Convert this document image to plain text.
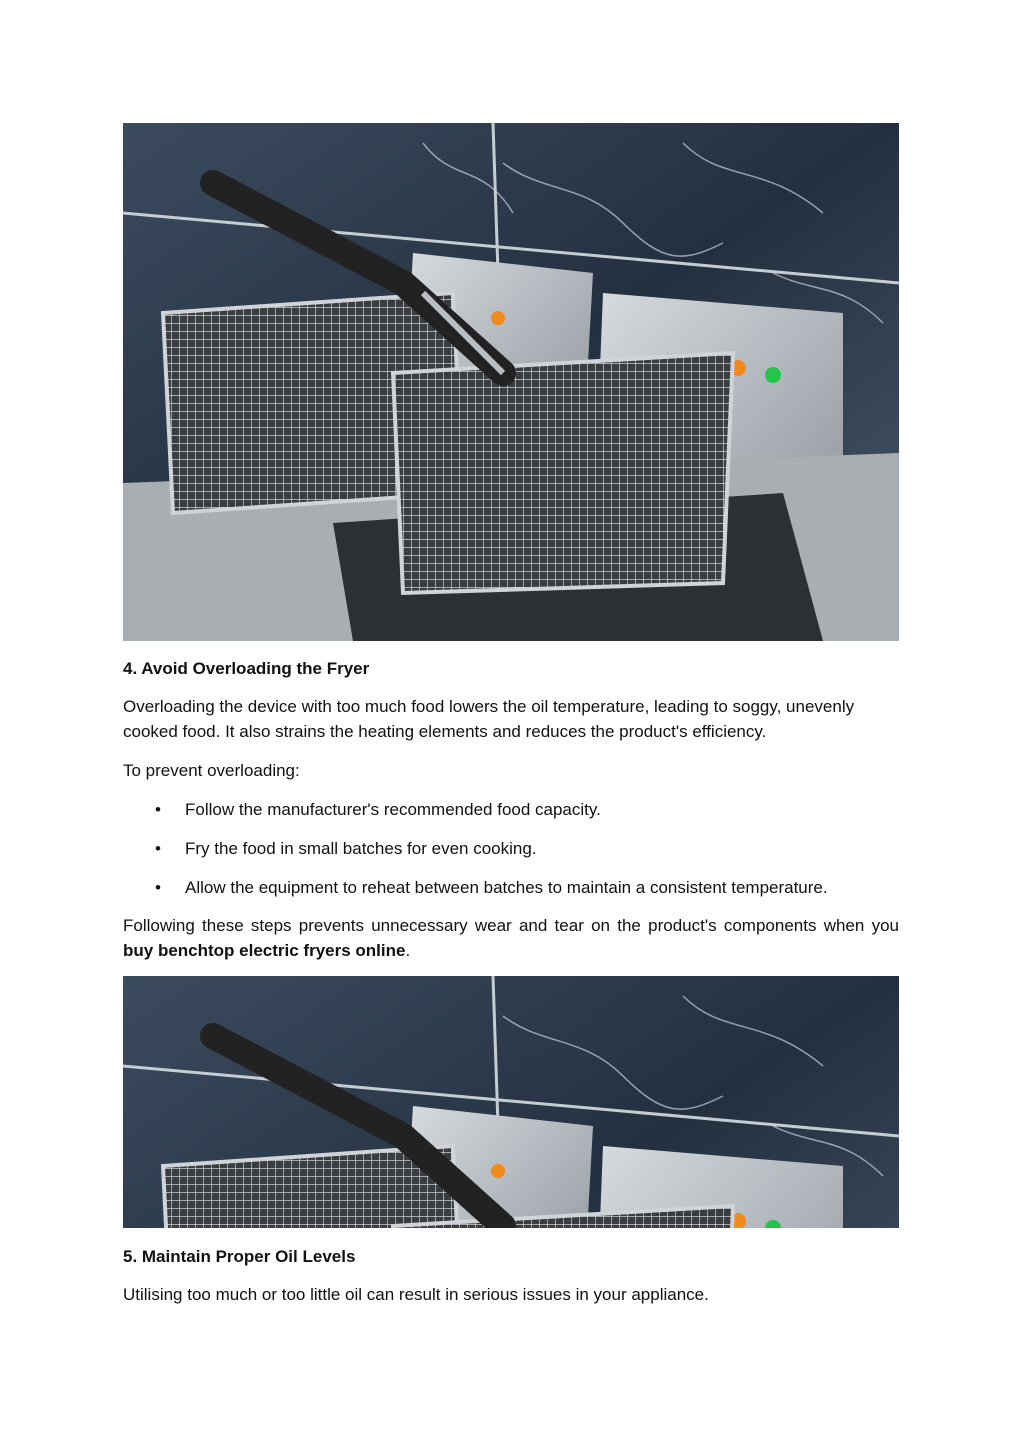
4. Avoid Overloading the Fryer

Overloading the device with too much food lowers the oil temperature, leading to soggy, unevenly cooked food. It also strains the heating elements and reduces the product's efficiency.

To prevent overloading:

• Follow the manufacturer's recommended food capacity.
• Fry the food in small batches for even cooking.
• Allow the equipment to reheat between batches to maintain a consistent temperature.

Following these steps prevents unnecessary wear and tear on the product's components when you buy benchtop electric fryers online.

5. Maintain Proper Oil Levels

Utilising too much or too little oil can result in serious issues in your appliance.
